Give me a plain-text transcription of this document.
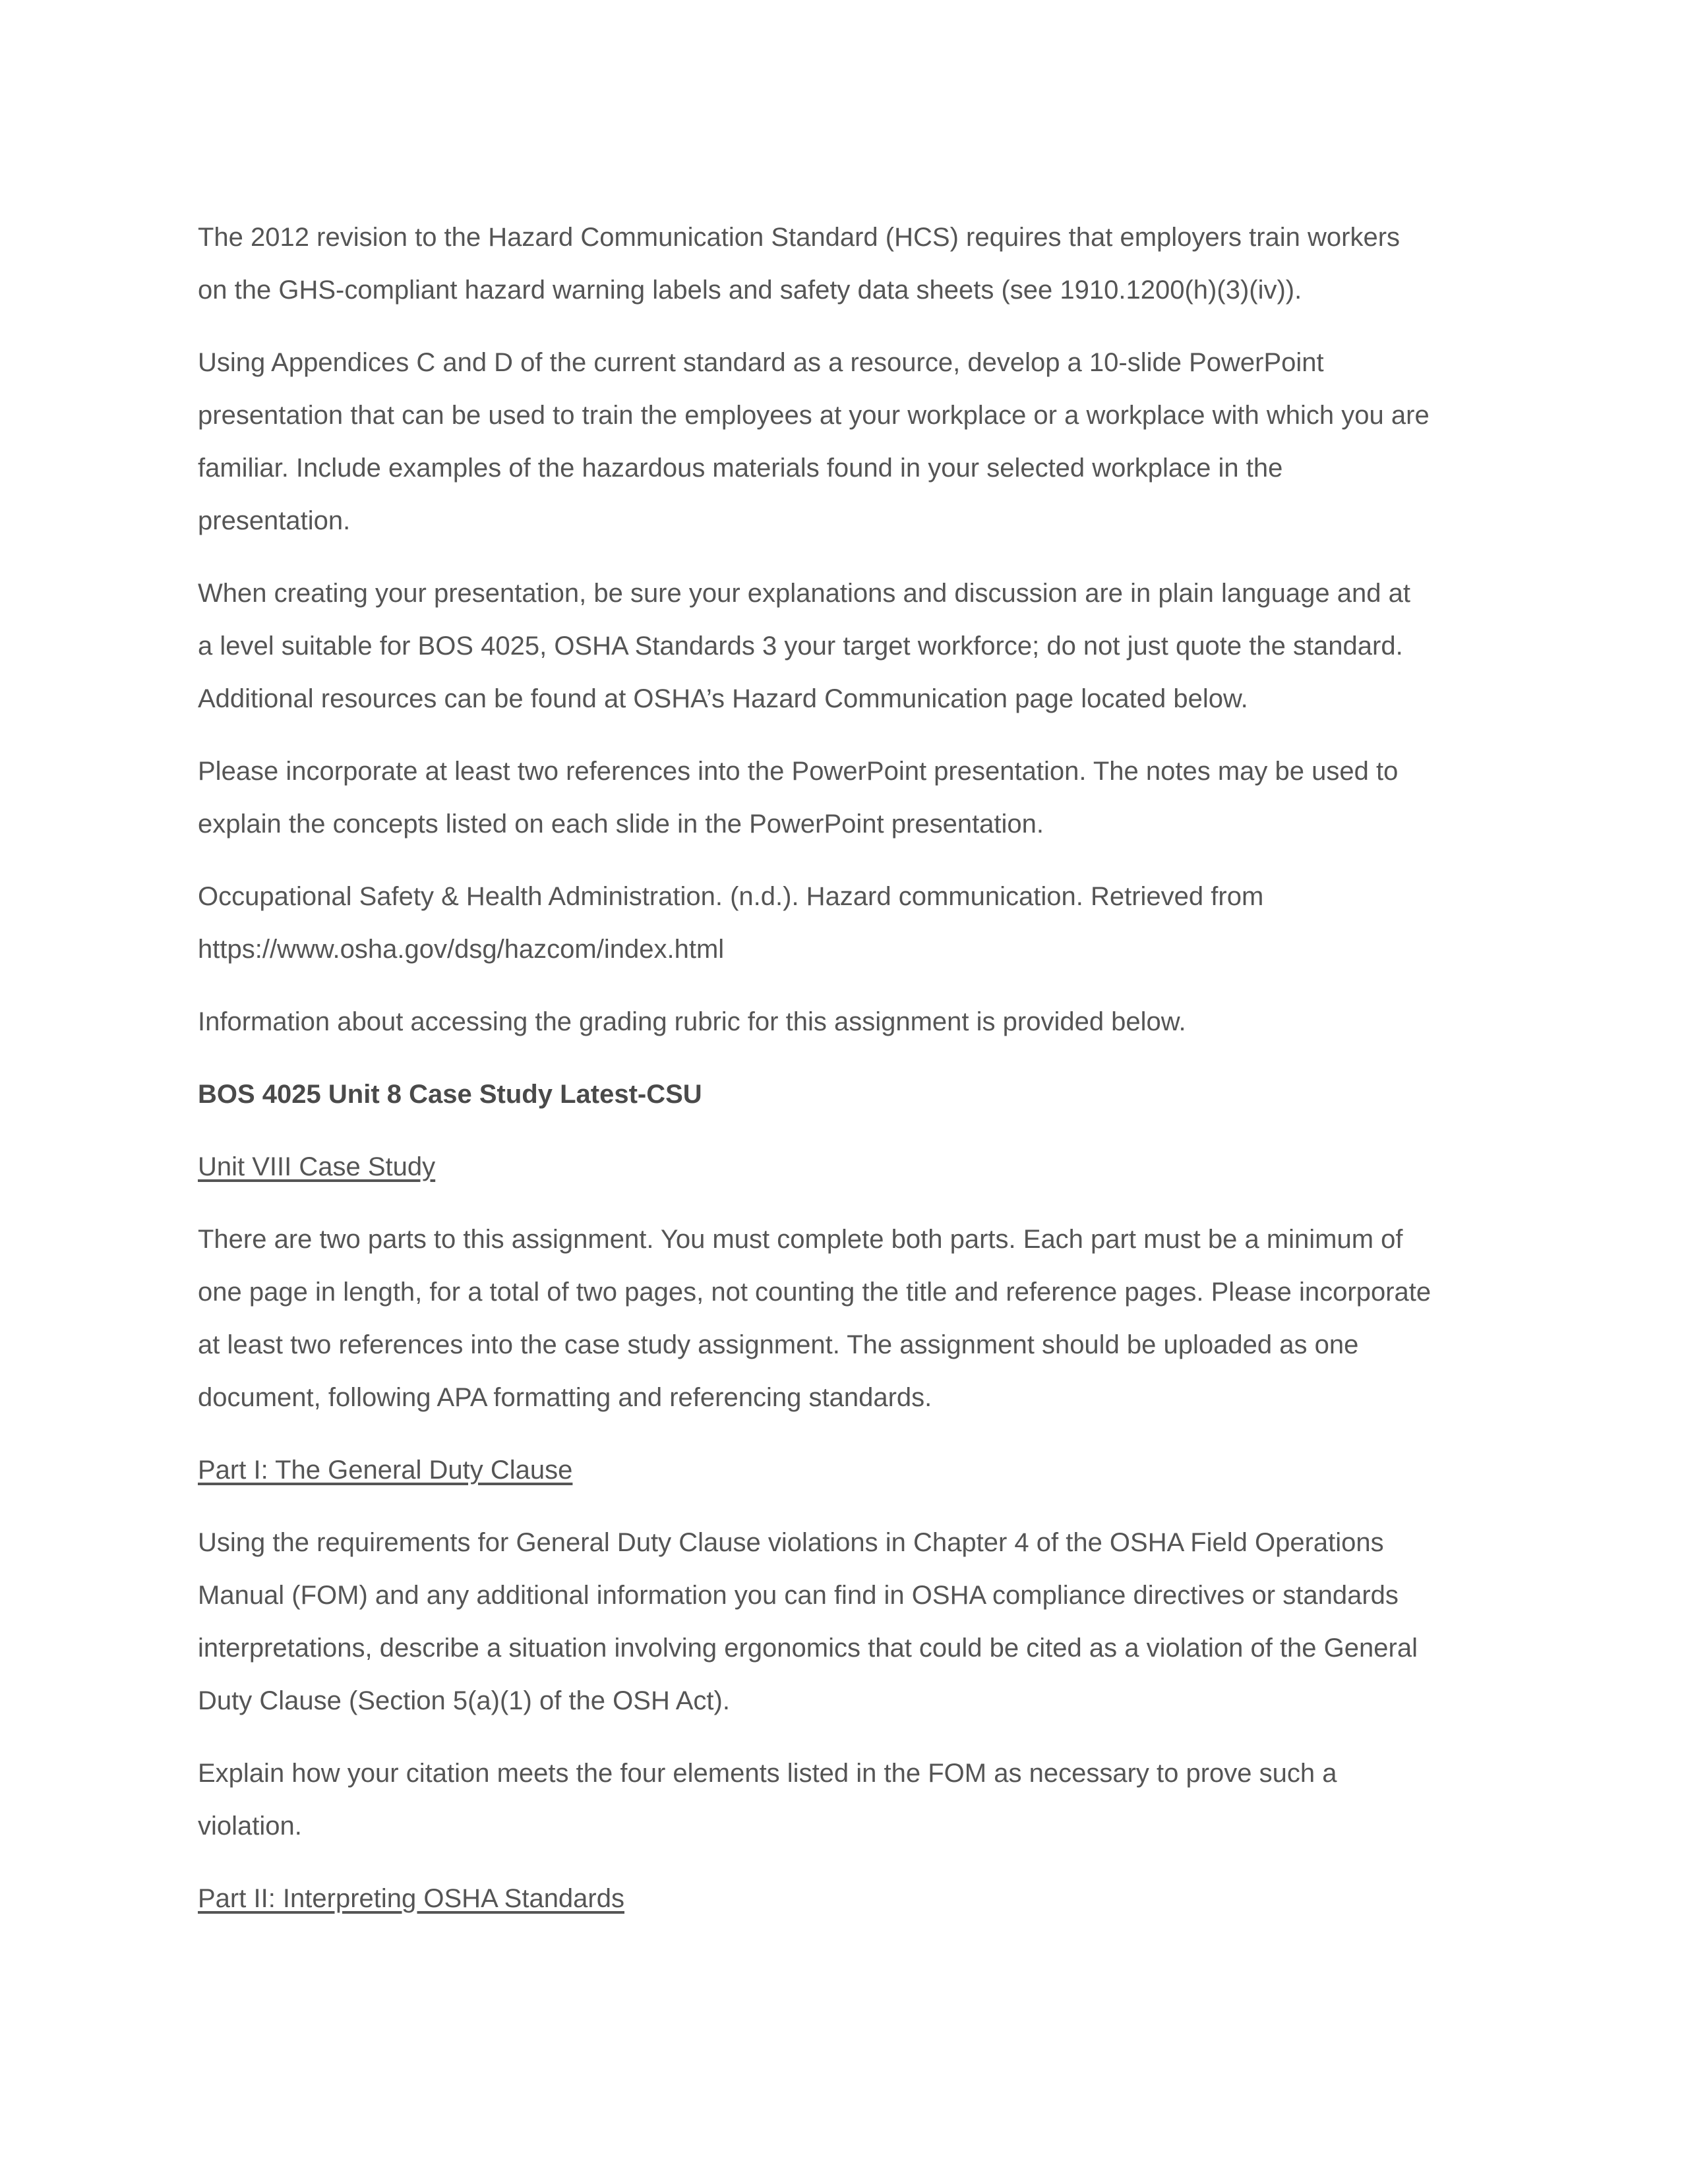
The 2012 revision to the Hazard Communication Standard (HCS) requires that employers train workers
on the GHS-compliant hazard warning labels and safety data sheets (see 1910.1200(h)(3)(iv)).

Using Appendices C and D of the current standard as a resource, develop a 10-slide PowerPoint
presentation that can be used to train the employees at your workplace or a workplace with which you are
familiar. Include examples of the hazardous materials found in your selected workplace in the
presentation.

When creating your presentation, be sure your explanations and discussion are in plain language and at
a level suitable for BOS 4025, OSHA Standards 3 your target workforce; do not just quote the standard.
Additional resources can be found at OSHA’s Hazard Communication page located below.

Please incorporate at least two references into the PowerPoint presentation. The notes may be used to
explain the concepts listed on each slide in the PowerPoint presentation.

Occupational Safety & Health Administration. (n.d.). Hazard communication. Retrieved from
https://www.osha.gov/dsg/hazcom/index.html

Information about accessing the grading rubric for this assignment is provided below.

BOS 4025 Unit 8 Case Study Latest-CSU

Unit VIII Case Study

There are two parts to this assignment. You must complete both parts. Each part must be a minimum of
one page in length, for a total of two pages, not counting the title and reference pages. Please incorporate
at least two references into the case study assignment. The assignment should be uploaded as one
document, following APA formatting and referencing standards.

Part I: The General Duty Clause

Using the requirements for General Duty Clause violations in Chapter 4 of the OSHA Field Operations
Manual (FOM) and any additional information you can find in OSHA compliance directives or standards
interpretations, describe a situation involving ergonomics that could be cited as a violation of the General
Duty Clause (Section 5(a)(1) of the OSH Act).

Explain how your citation meets the four elements listed in the FOM as necessary to prove such a
violation.

Part II: Interpreting OSHA Standards
